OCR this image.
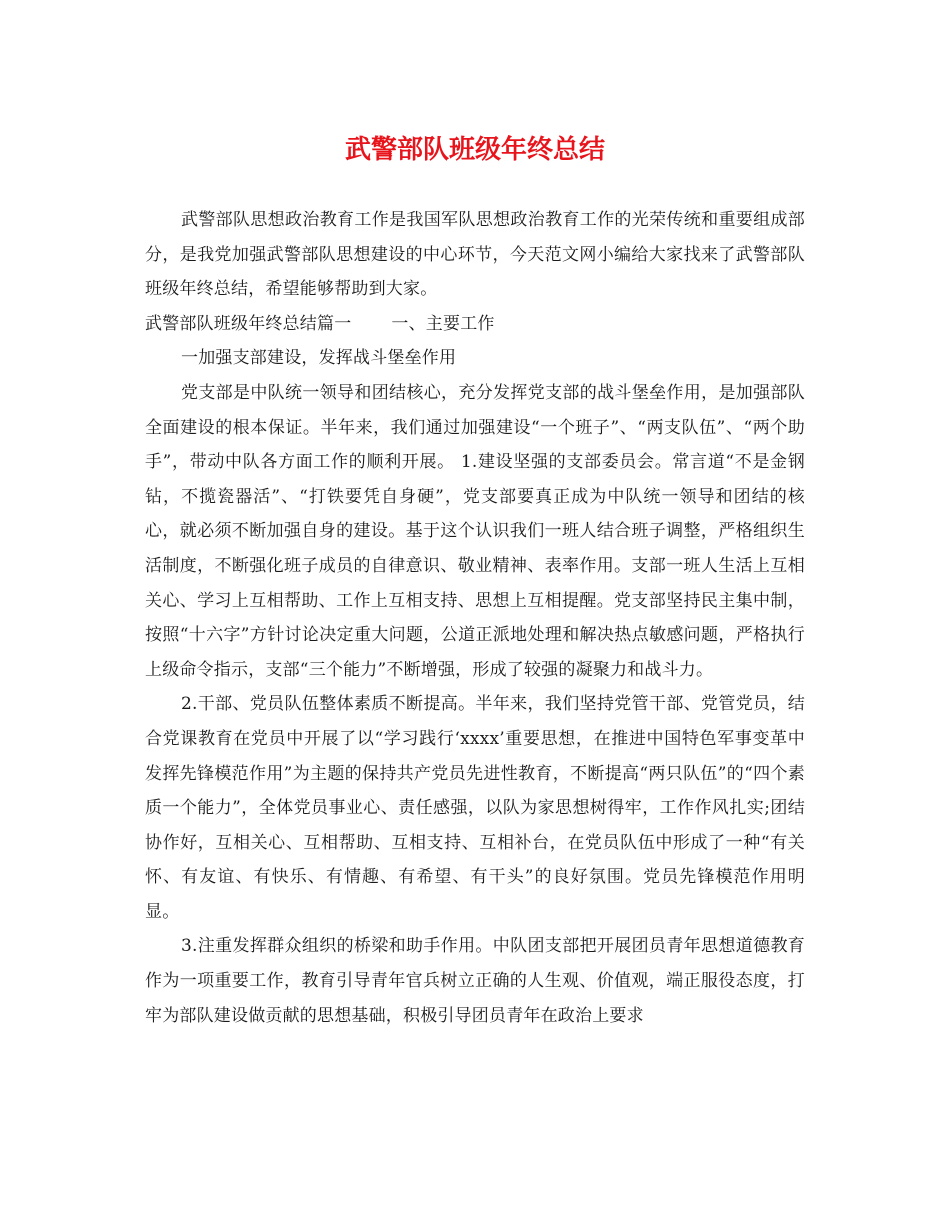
武警部队班级年终总结

武警部队思想政治教育工作是我国军队思想政治教育工作的光荣传统和重要组成部分，是我党加强武警部队思想建设的中心环节，今天范文网小编给大家找来了武警部队班级年终总结，希望能够帮助到大家。

武警部队班级年终总结篇一 一、主要工作

一加强支部建设，发挥战斗堡垒作用

党支部是中队统一领导和团结核心，充分发挥党支部的战斗堡垒作用，是加强部队全面建设的根本保证。半年来，我们通过加强建设“一个班子”、“两支队伍”、“两个助手”，带动中队各方面工作的顺利开展。 1.建设坚强的支部委员会。常言道“不是金钢钻，不揽瓷器活”、“打铁要凭自身硬”，党支部要真正成为中队统一领导和团结的核心，就必须不断加强自身的建设。基于这个认识我们一班人结合班子调整，严格组织生活制度，不断强化班子成员的自律意识、敬业精神、表率作用。支部一班人生活上互相关心、学习上互相帮助、工作上互相支持、思想上互相提醒。党支部坚持民主集中制，按照“十六字”方针讨论决定重大问题，公道正派地处理和解决热点敏感问题，严格执行上级命令指示，支部“三个能力”不断增强，形成了较强的凝聚力和战斗力。

2.干部、党员队伍整体素质不断提高。半年来，我们坚持党管干部、党管党员，结合党课教育在党员中开展了以“学习践行‘xxxx’重要思想，在推进中国特色军事变革中发挥先锋模范作用”为主题的保持共产党员先进性教育，不断提高“两只队伍”的“四个素质一个能力”，全体党员事业心、责任感强，以队为家思想树得牢，工作作风扎实;团结协作好，互相关心、互相帮助、互相支持、互相补台，在党员队伍中形成了一种“有关怀、有友谊、有快乐、有情趣、有希望、有干头”的良好氛围。党员先锋模范作用明显。

3.注重发挥群众组织的桥梁和助手作用。中队团支部把开展团员青年思想道德教育作为一项重要工作，教育引导青年官兵树立正确的人生观、价值观，端正服役态度，打牢为部队建设做贡献的思想基础，积极引导团员青年在政治上要求
